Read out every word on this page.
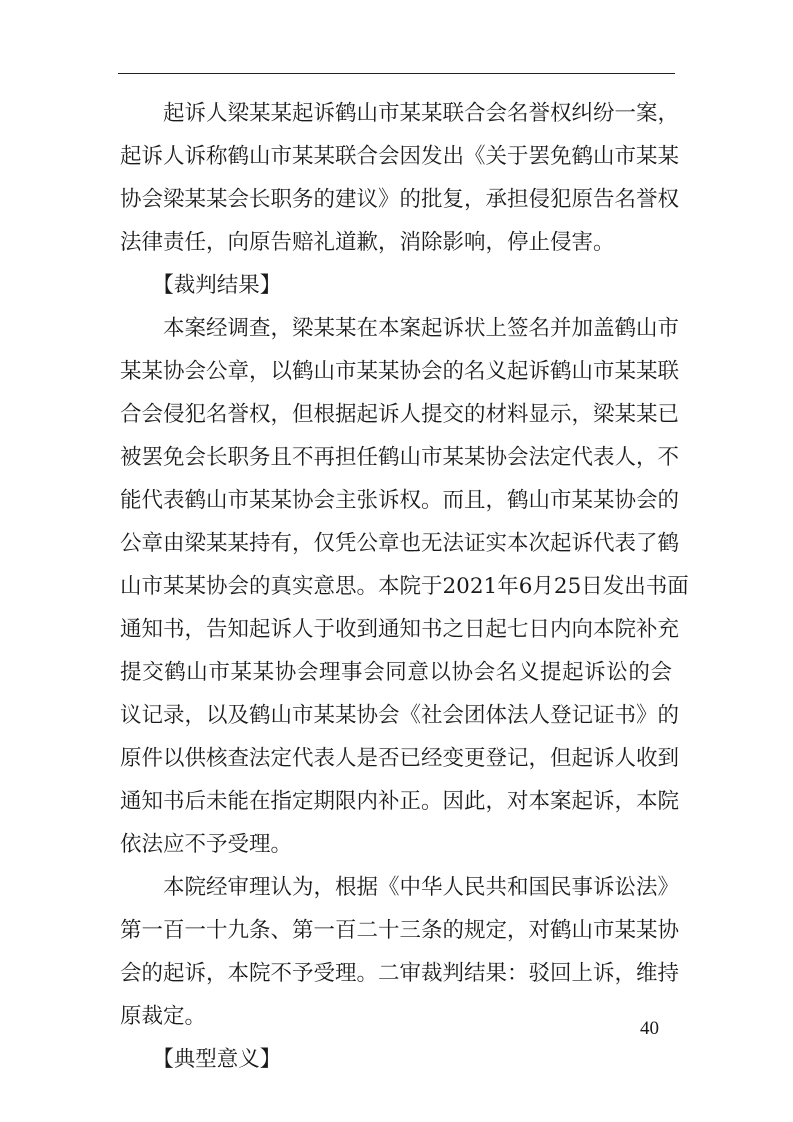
　　起诉人梁某某起诉鹤山市某某联合会名誉权纠纷一案，
起诉人诉称鹤山市某某联合会因发出《关于罢免鹤山市某某
协会梁某某会长职务的建议》的批复，承担侵犯原告名誉权
法律责任，向原告赔礼道歉，消除影响，停止侵害。
　　【裁判结果】
　　本案经调查，梁某某在本案起诉状上签名并加盖鹤山市
某某协会公章，以鹤山市某某协会的名义起诉鹤山市某某联
合会侵犯名誉权，但根据起诉人提交的材料显示，梁某某已
被罢免会长职务且不再担任鹤山市某某协会法定代表人，不
能代表鹤山市某某协会主张诉权。而且，鹤山市某某协会的
公章由梁某某持有，仅凭公章也无法证实本次起诉代表了鹤
山市某某协会的真实意思。本院于2021年6月25日发出书面
通知书，告知起诉人于收到通知书之日起七日内向本院补充
提交鹤山市某某协会理事会同意以协会名义提起诉讼的会
议记录，以及鹤山市某某协会《社会团体法人登记证书》的
原件以供核查法定代表人是否已经变更登记，但起诉人收到
通知书后未能在指定期限内补正。因此，对本案起诉，本院
依法应不予受理。
　　本院经审理认为，根据《中华人民共和国民事诉讼法》
第一百一十九条、第一百二十三条的规定，对鹤山市某某协
会的起诉，本院不予受理。二审裁判结果：驳回上诉，维持
原裁定。
　　【典型意义】
40
